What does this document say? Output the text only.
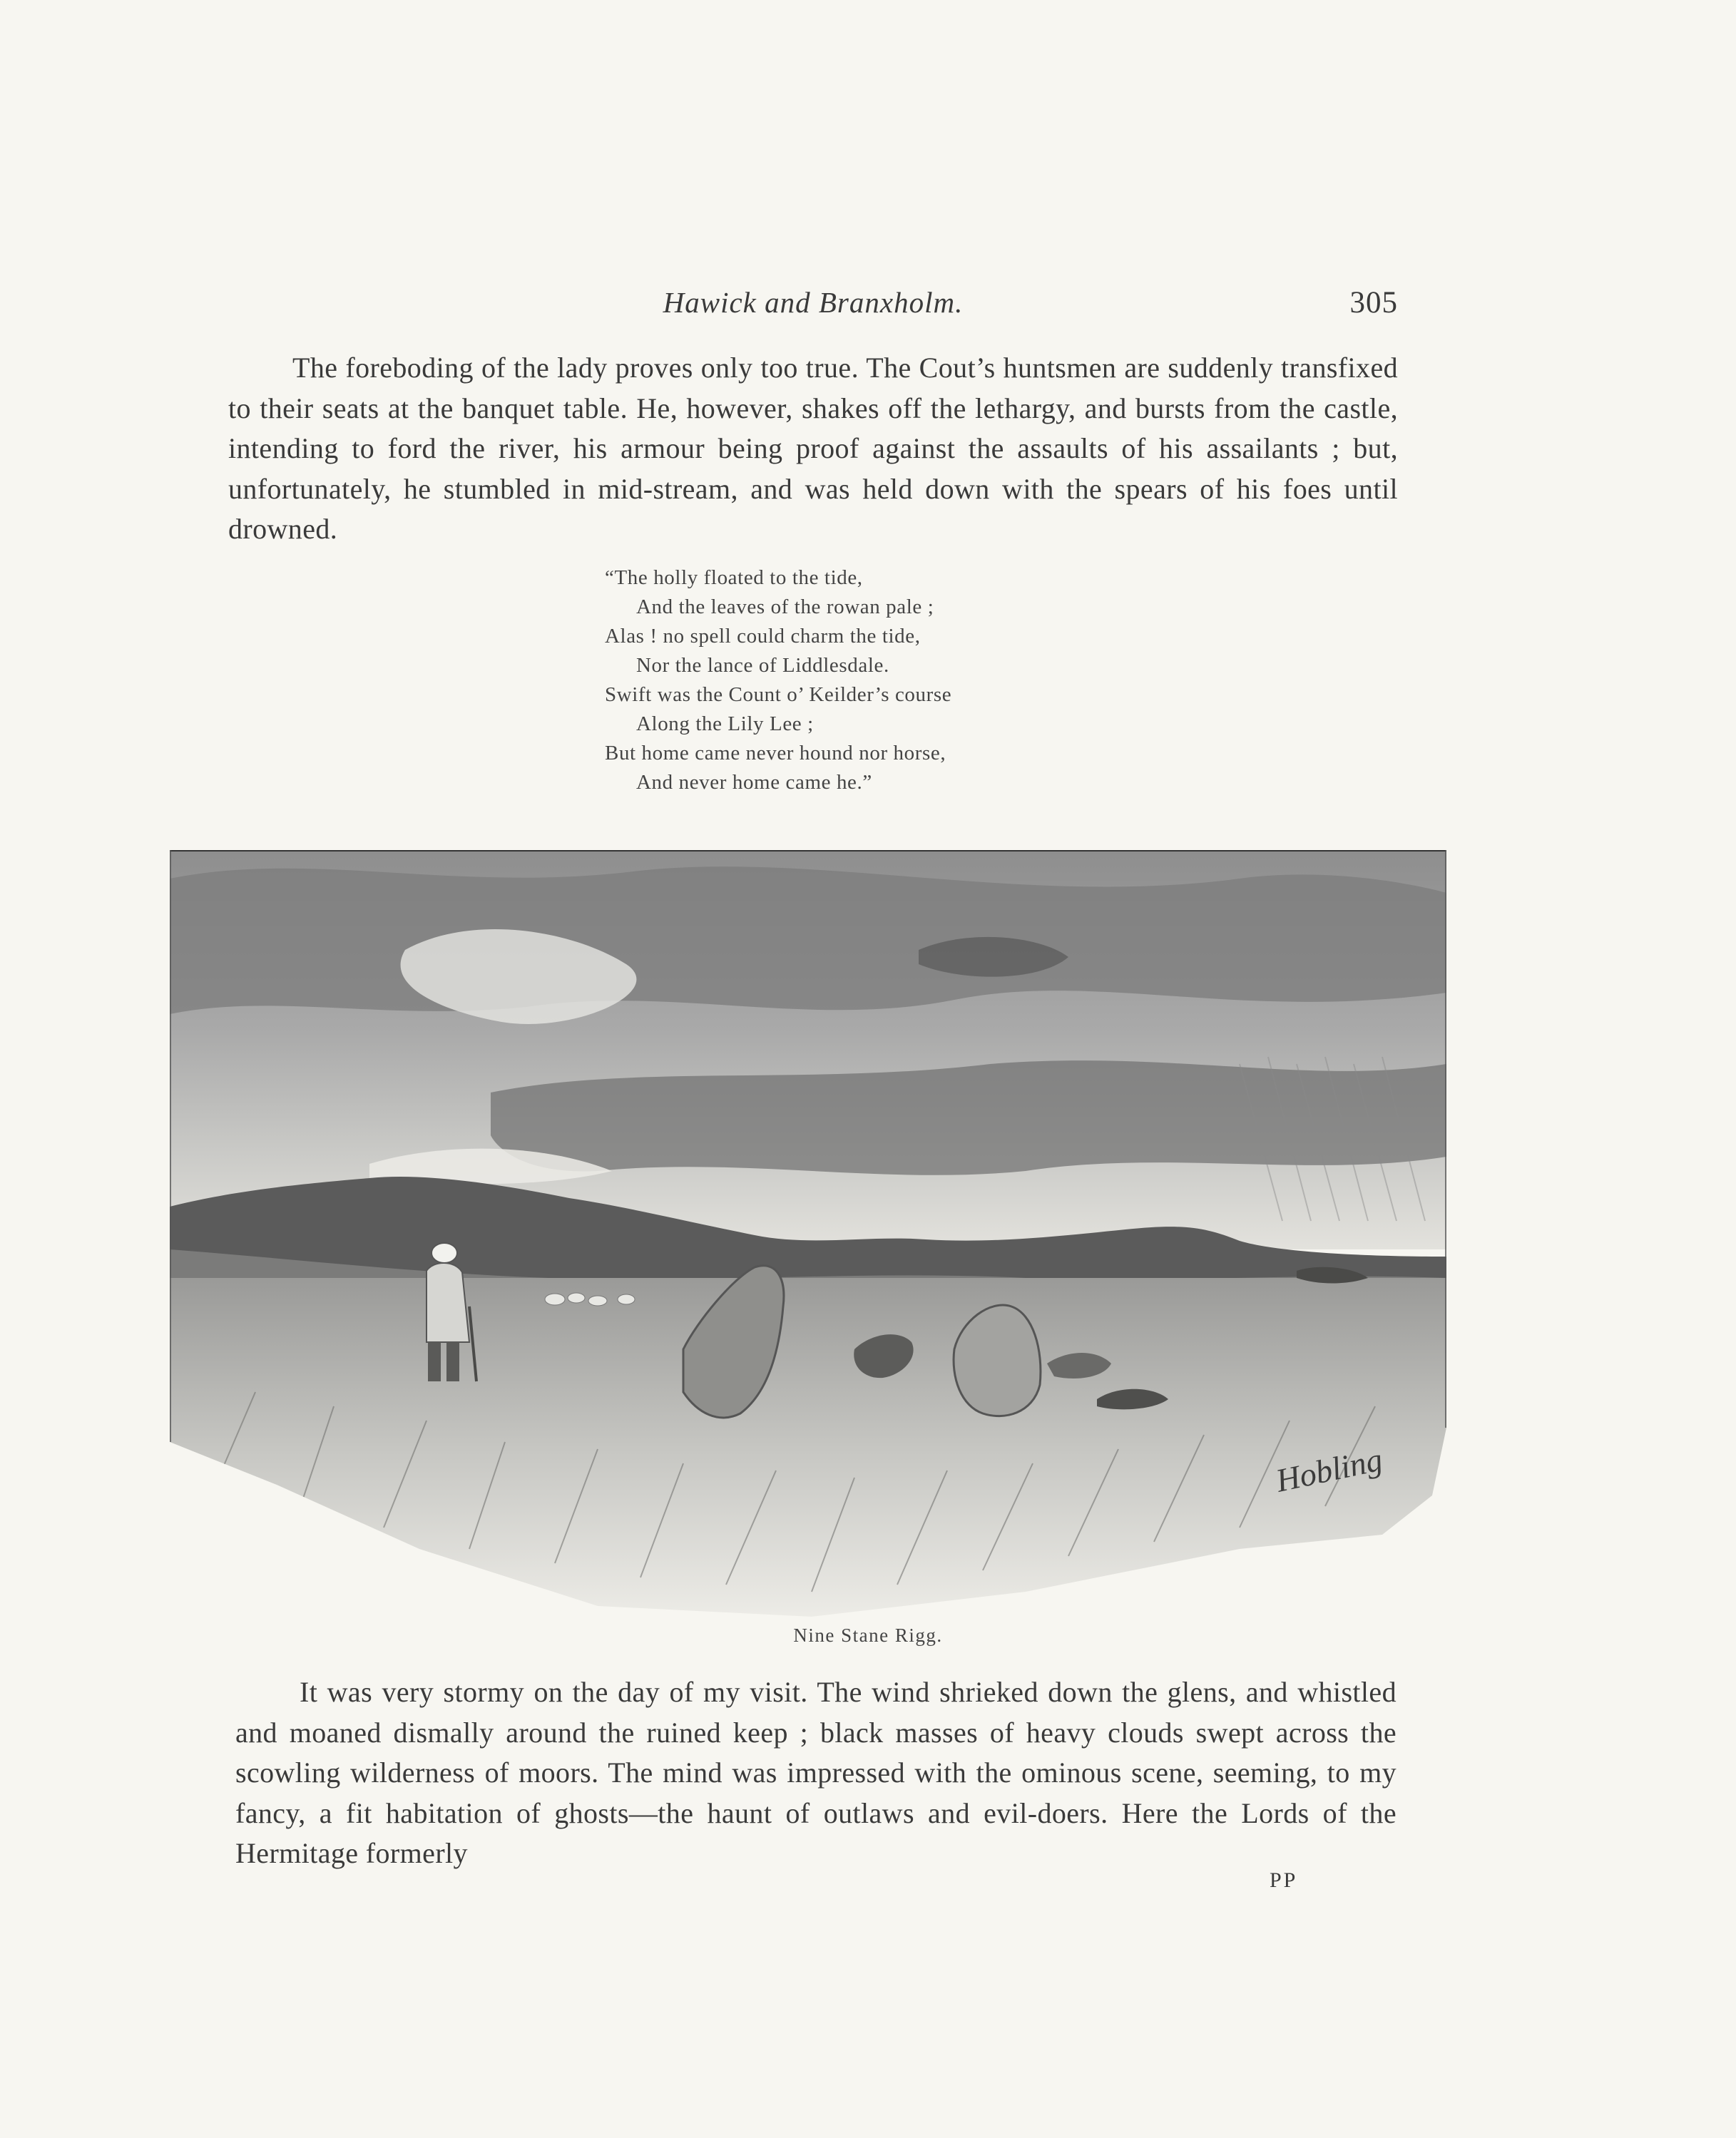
Hawick and Branxholm.	305

The foreboding of the lady proves only too true. The Cout’s huntsmen are suddenly transfixed to their seats at the banquet table. He, however, shakes off the lethargy, and bursts from the castle, intending to ford the river, his armour being proof against the assaults of his assailants ; but, unfortunately, he stumbled in mid-stream, and was held down with the spears of his foes until drowned.

“The holly floated to the tide,
And the leaves of the rowan pale ;
Alas ! no spell could charm the tide,
Nor the lance of Liddlesdale.
Swift was the Count o’ Keilder’s course
Along the Lily Lee ;
But home came never hound nor horse,
And never home came he.”
Hobling
Nine Stane Rigg.

It was very stormy on the day of my visit. The wind shrieked down the glens, and whistled and moaned dismally around the ruined keep ; black masses of heavy clouds swept across the scowling wilderness of moors. The mind was impressed with the ominous scene, seeming, to my fancy, a fit habitation of ghosts—the haunt of outlaws and evil-doers. Here the Lords of the Hermitage formerly

PP
